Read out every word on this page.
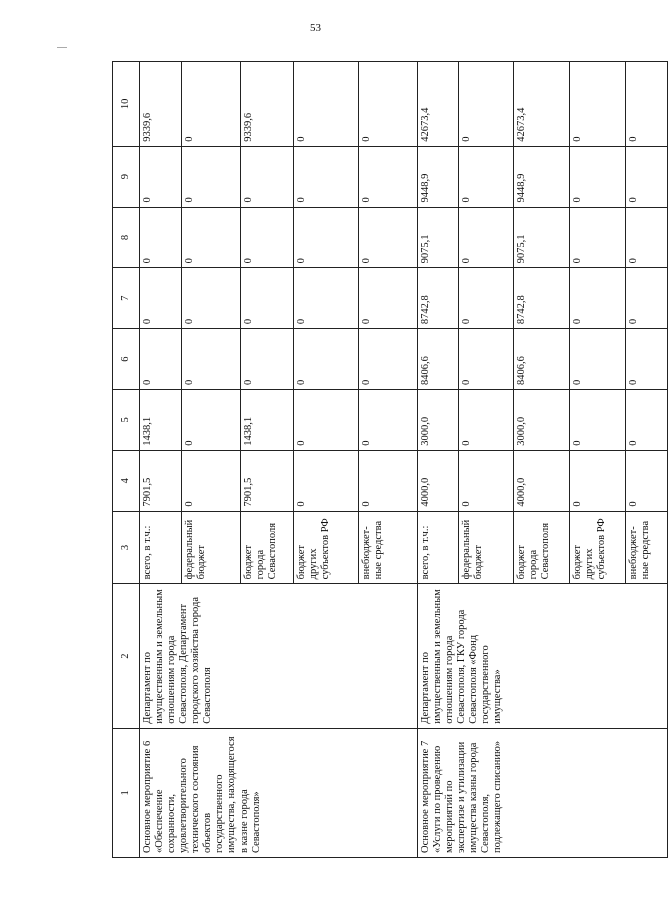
53
1	2	3	4	5	6	7	8	9	10
Основное мероприятие 6 «Обеспечение сохранности, удовлетворительного технического состояния объектов государственного имущества, находящегося в казне города Севастополя»	Департамент по имущественным и земельным отношениям города Севастополя, Департамент городского хозяйства города Севастополя	всего, в т.ч.:	7901,5	1438,1	0	0	0	0	9339,6
		федеральный бюджет	0	0	0	0	0	0	0
		бюджет города Севастополя	7901,5	1438,1	0	0	0	0	9339,6
		бюджет других субъектов РФ	0	0	0	0	0	0	0
		внебюджет-ные средства	0	0	0	0	0	0	0
Основное мероприятие 7 «Услуги по проведению мероприятий по экспертизе и утилизации имущества казны города Севастополя, подлежащего списанию»	Департамент по имущественным и земельным отношениям города Севастополя, ГКУ города Севастополя «Фонд государственного имущества»	всего, в т.ч.:	4000,0	3000,0	8406,6	8742,8	9075,1	9448,9	42673,4
		федеральный бюджет	0	0	0	0	0	0	0
		бюджет города Севастополя	4000,0	3000,0	8406,6	8742,8	9075,1	9448,9	42673,4
		бюджет других субъектов РФ	0	0	0	0	0	0	0
		внебюджет-ные средства	0	0	0	0	0	0	0
